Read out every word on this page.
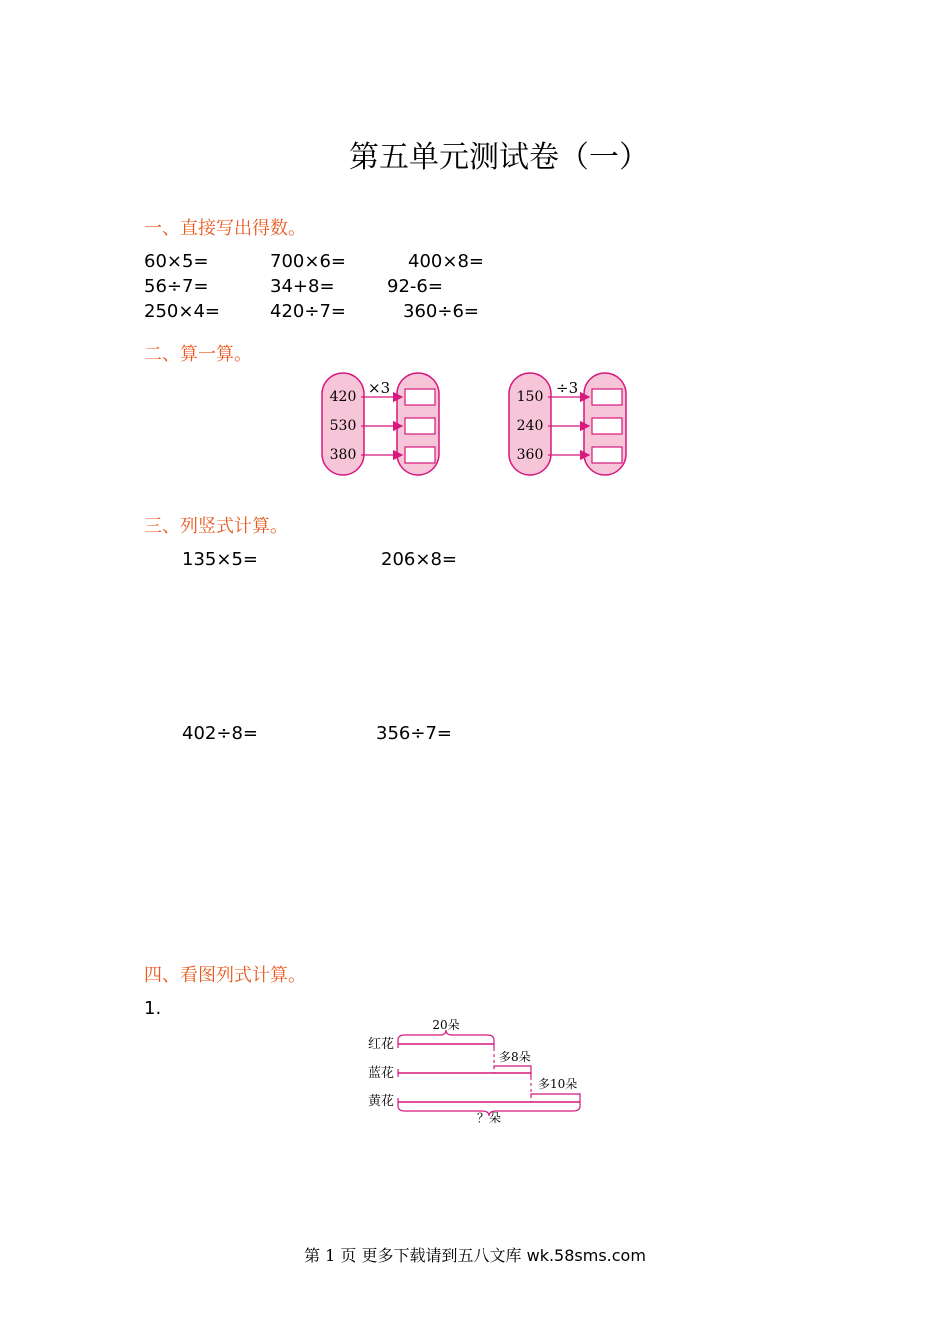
第五单元测试卷（一）
一、直接写出得数。
60×5=	700×6=	400×8=
56÷7=	34+8=	92-6=
250×4=	420÷7=	360÷6=
二、算一算。
×3
420
530
380
÷3
150
240
360
三、列竖式计算。
135×5=	206×8=
402÷8=	356÷7=
四、看图列式计算。
1.
红花
蓝花
黄花
20朵
多8朵
多10朵
？朵
第 1 页 更多下载请到五八文库 wk.58sms.com
